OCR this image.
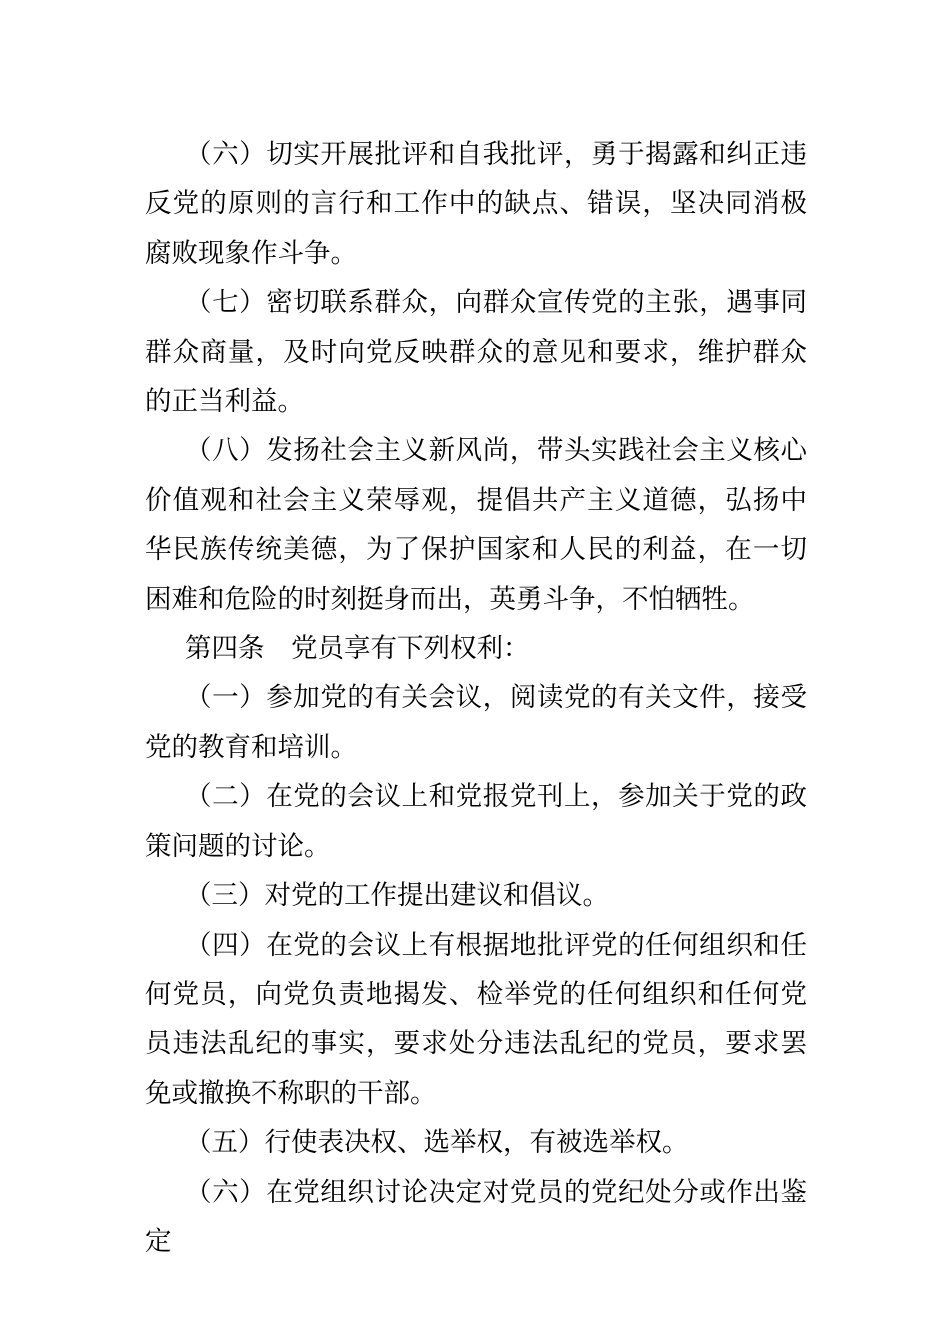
（六）切实开展批评和自我批评，勇于揭露和纠正违反党的原则的言行和工作中的缺点、错误，坚决同消极腐败现象作斗争。

（七）密切联系群众，向群众宣传党的主张，遇事同群众商量，及时向党反映群众的意见和要求，维护群众的正当利益。

（八）发扬社会主义新风尚，带头实践社会主义核心价值观和社会主义荣辱观，提倡共产主义道德，弘扬中华民族传统美德，为了保护国家和人民的利益，在一切困难和危险的时刻挺身而出，英勇斗争，不怕牺牲。

第四条　党员享有下列权利：

（一）参加党的有关会议，阅读党的有关文件，接受党的教育和培训。

（二）在党的会议上和党报党刊上，参加关于党的政策问题的讨论。

（三）对党的工作提出建议和倡议。

（四）在党的会议上有根据地批评党的任何组织和任何党员，向党负责地揭发、检举党的任何组织和任何党员违法乱纪的事实，要求处分违法乱纪的党员，要求罢免或撤换不称职的干部。

（五）行使表决权、选举权，有被选举权。

（六）在党组织讨论决定对党员的党纪处分或作出鉴定
